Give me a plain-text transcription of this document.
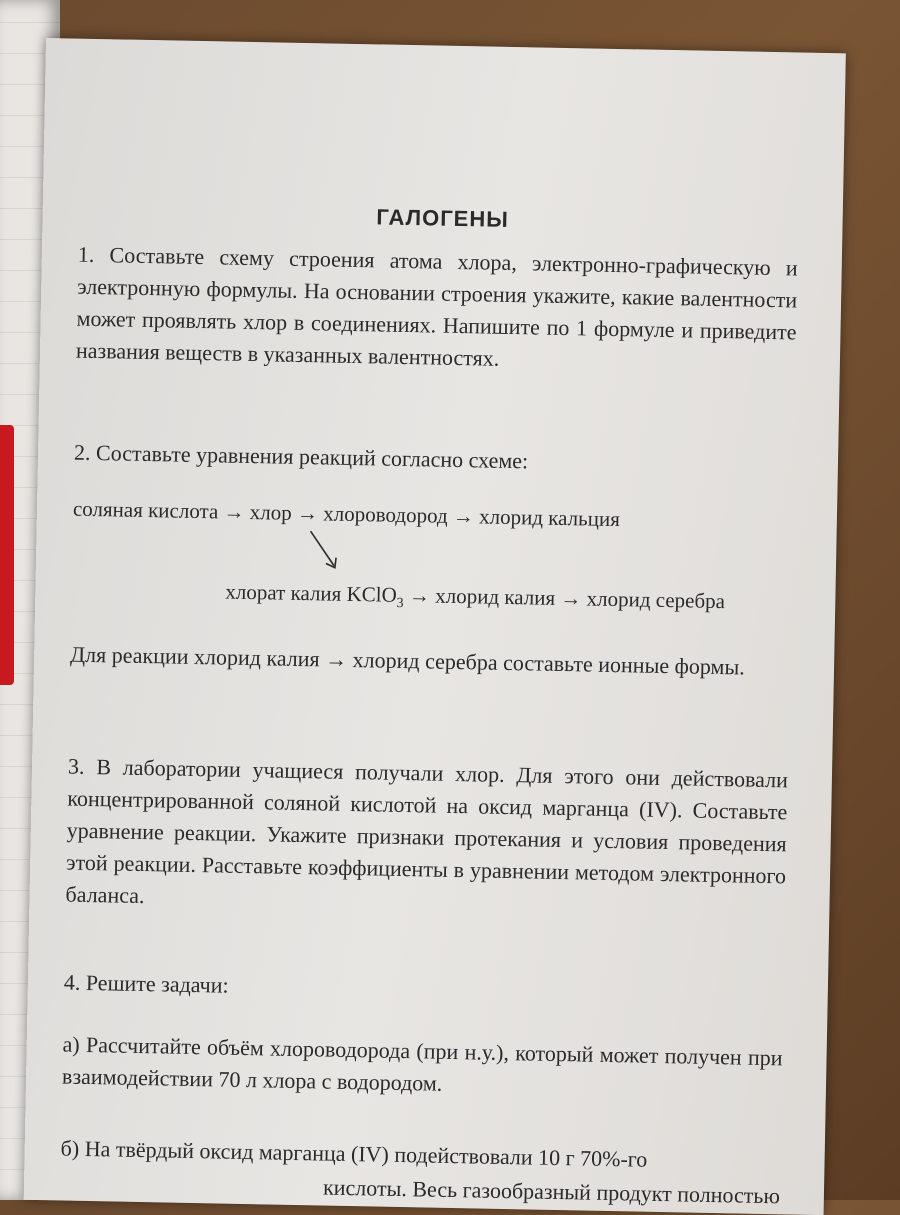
ГАЛОГЕНЫ
1. Составьте схему строения атома хлора, электронно-графическую и электронную формулы. На основании строения укажите, какие валентности может проявлять хлор в соединениях. Напишите по 1 формуле и приведите названия веществ в указанных валентностях.
2. Составьте уравнения реакций согласно схеме:
соляная кислота → хлор → хлороводород → хлорид кальция
хлорат калия KClO$_3$ → хлорид калия → хлорид серебра
Для реакции хлорид калия → хлорид серебра составьте ионные формы.
3. В лаборатории учащиеся получали хлор. Для этого они действовали концентрированной соляной кислотой на оксид марганца (IV). Составьте уравнение реакции. Укажите признаки протекания и условия проведения этой реакции. Расставьте коэффициенты в уравнении методом электронного баланса.
4. Решите задачи:
а) Рассчитайте объём хлороводорода (при н.у.), который может получен при взаимодействии 70 л хлора с водородом.
б) На твёрдый оксид марганца (IV) подействовали 10 г 70%-го
кислоты. Весь газообразный продукт полностью
